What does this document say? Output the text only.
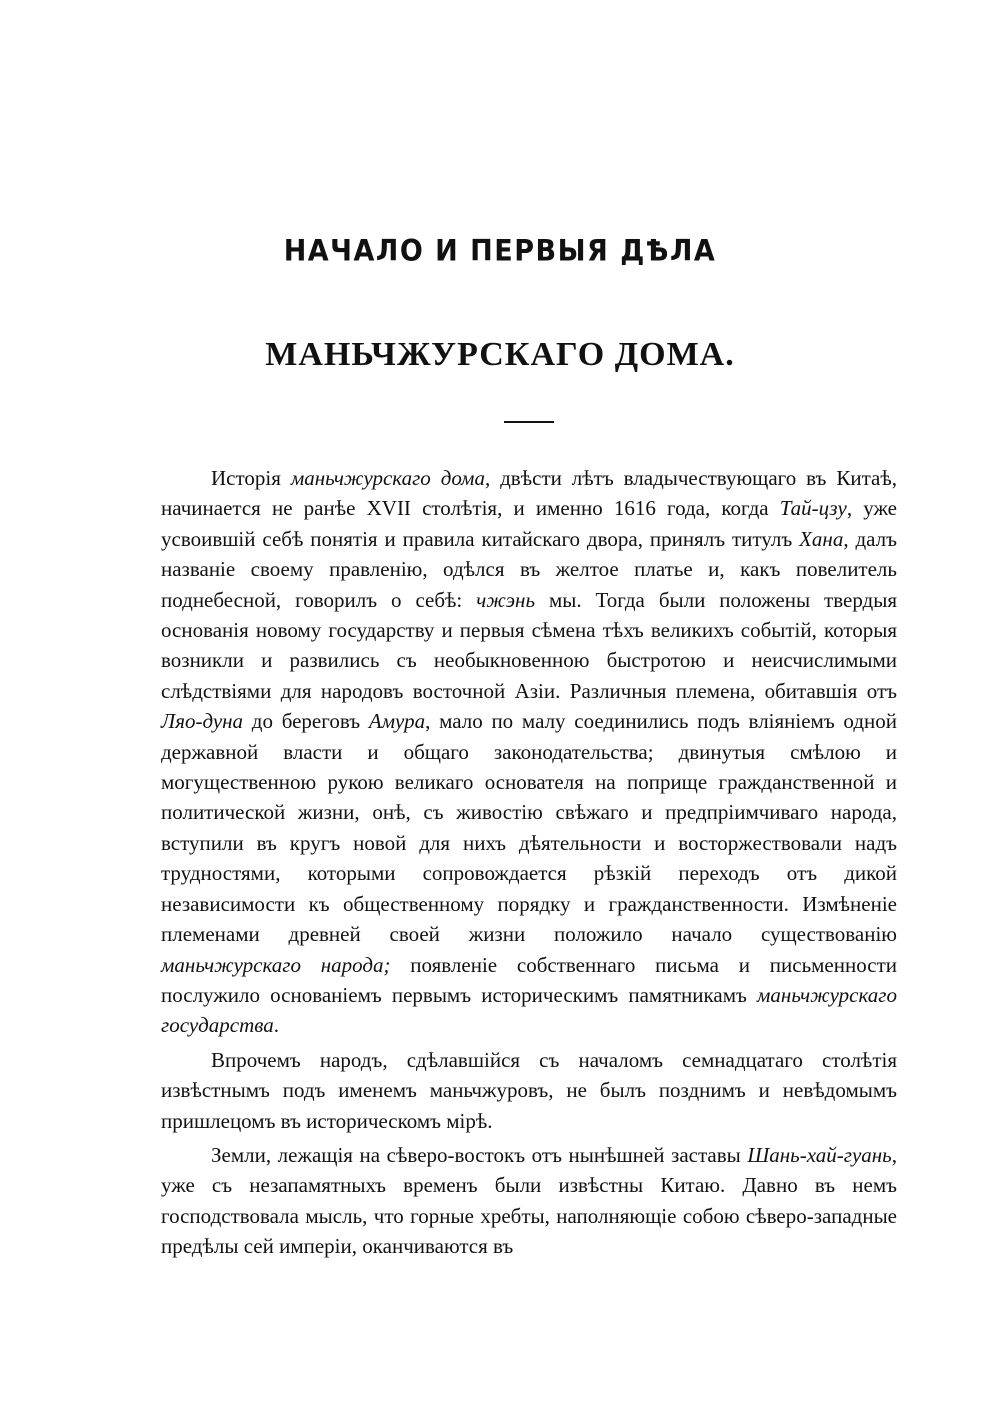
НАЧАЛО И ПЕРВЫЯ ДѢЛА
МАНЬЧЖУРСКАГО ДОМА.

Исторія маньчжурскаго дома, двѣсти лѣтъ владычествующаго въ Китаѣ, начинается не ранѣе XVII столѣтія, и именно 1616 года, когда Тай-цзу, уже усвоившій себѣ понятія и правила китайскаго двора, принялъ титулъ Хана, далъ названіе своему правленію, одѣлся въ желтое платье и, какъ повелитель поднебесной, говорилъ о себѣ: чжэнь мы. Тогда были положены твердыя основанія новому государству и первыя сѣмена тѣхъ великихъ событій, которыя возникли и развились съ необыкновенною быстротою и неисчислимыми слѣдствіями для народовъ восточной Азіи. Различныя племена, обитавшія отъ Ляо-дуна до береговъ Амура, мало по малу соединились подъ вліяніемъ одной державной власти и общаго законодательства; двинутыя смѣлою и могущественною рукою великаго основателя на поприще гражданственной и политической жизни, онѣ, съ живостію свѣжаго и предпріимчиваго народа, вступили въ кругъ новой для нихъ дѣятельности и восторжествовали надъ трудностями, которыми сопровождается рѣзкій переходъ отъ дикой независимости къ общественному порядку и гражданственности. Измѣненіе племенами древней своей жизни положило начало существованію маньчжурскаго народа; появленіе собственнаго письма и письменности послужило основаніемъ первымъ историческимъ памятникамъ маньчжурскаго государства.

Впрочемъ народъ, сдѣлавшійся съ началомъ семнадцатаго столѣтія извѣстнымъ подъ именемъ маньчжуровъ, не былъ позднимъ и невѣдомымъ пришлецомъ въ историческомъ мірѣ.

Земли, лежащія на сѣверо-востокъ отъ нынѣшней заставы Шань-хай-гуань, уже съ незапамятныхъ временъ были извѣстны Китаю. Давно въ немъ господствовала мысль, что горные хребты, наполняющіе собою сѣверо-западные предѣлы сей имперіи, оканчиваются въ
